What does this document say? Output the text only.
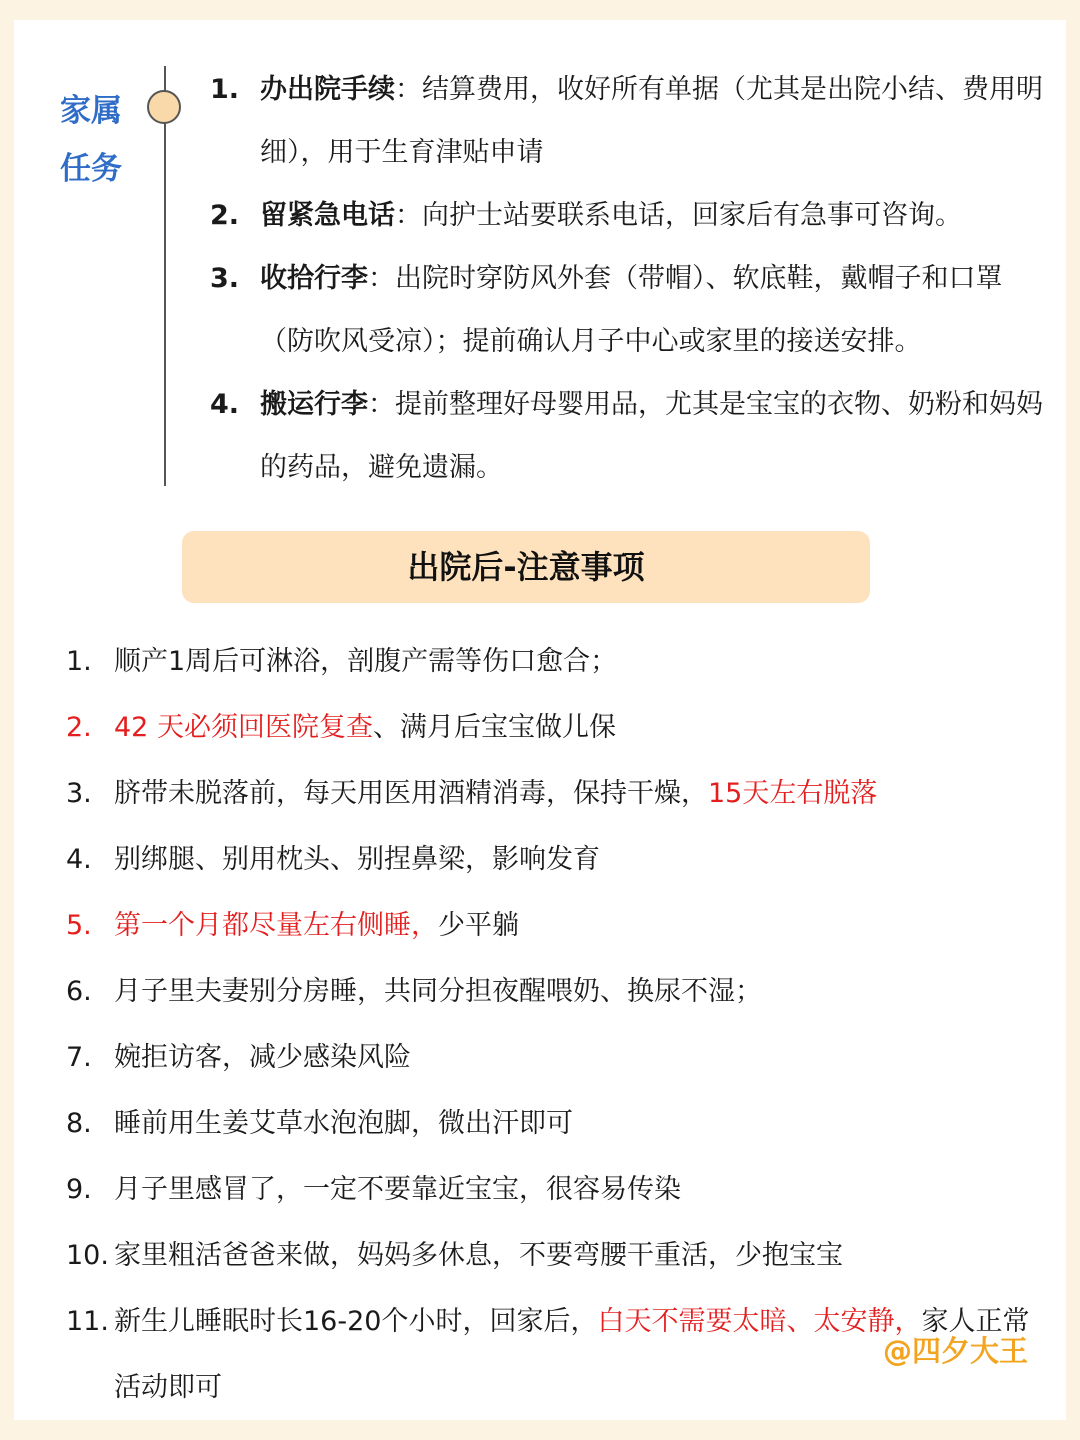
家属任务
1. 办出院手续：结算费用，收好所有单据（尤其是出院小结、费用明细），用于生育津贴申请
2. 留紧急电话：向护士站要联系电话，回家后有急事可咨询。
3. 收拾行李：出院时穿防风外套（带帽）、软底鞋，戴帽子和口罩（防吹风受凉）；提前确认月子中心或家里的接送安排。
4. 搬运行李：提前整理好母婴用品，尤其是宝宝的衣物、奶粉和妈妈的药品，避免遗漏。
出院后-注意事项
1. 顺产1周后可淋浴，剖腹产需等伤口愈合；
2. 42 天必须回医院复查、满月后宝宝做儿保
3. 脐带未脱落前，每天用医用酒精消毒，保持干燥，15天左右脱落
4. 别绑腿、别用枕头、别捏鼻梁，影响发育
5. 第一个月都尽量左右侧睡，少平躺
6. 月子里夫妻别分房睡，共同分担夜醒喂奶、换尿不湿；
7. 婉拒访客，减少感染风险
8. 睡前用生姜艾草水泡泡脚，微出汗即可
9. 月子里感冒了，一定不要靠近宝宝，很容易传染
10. 家里粗活爸爸来做，妈妈多休息，不要弯腰干重活，少抱宝宝
11. 新生儿睡眠时长16-20个小时，回家后，白天不需要太暗、太安静，家人正常活动即可
@四夕大王
